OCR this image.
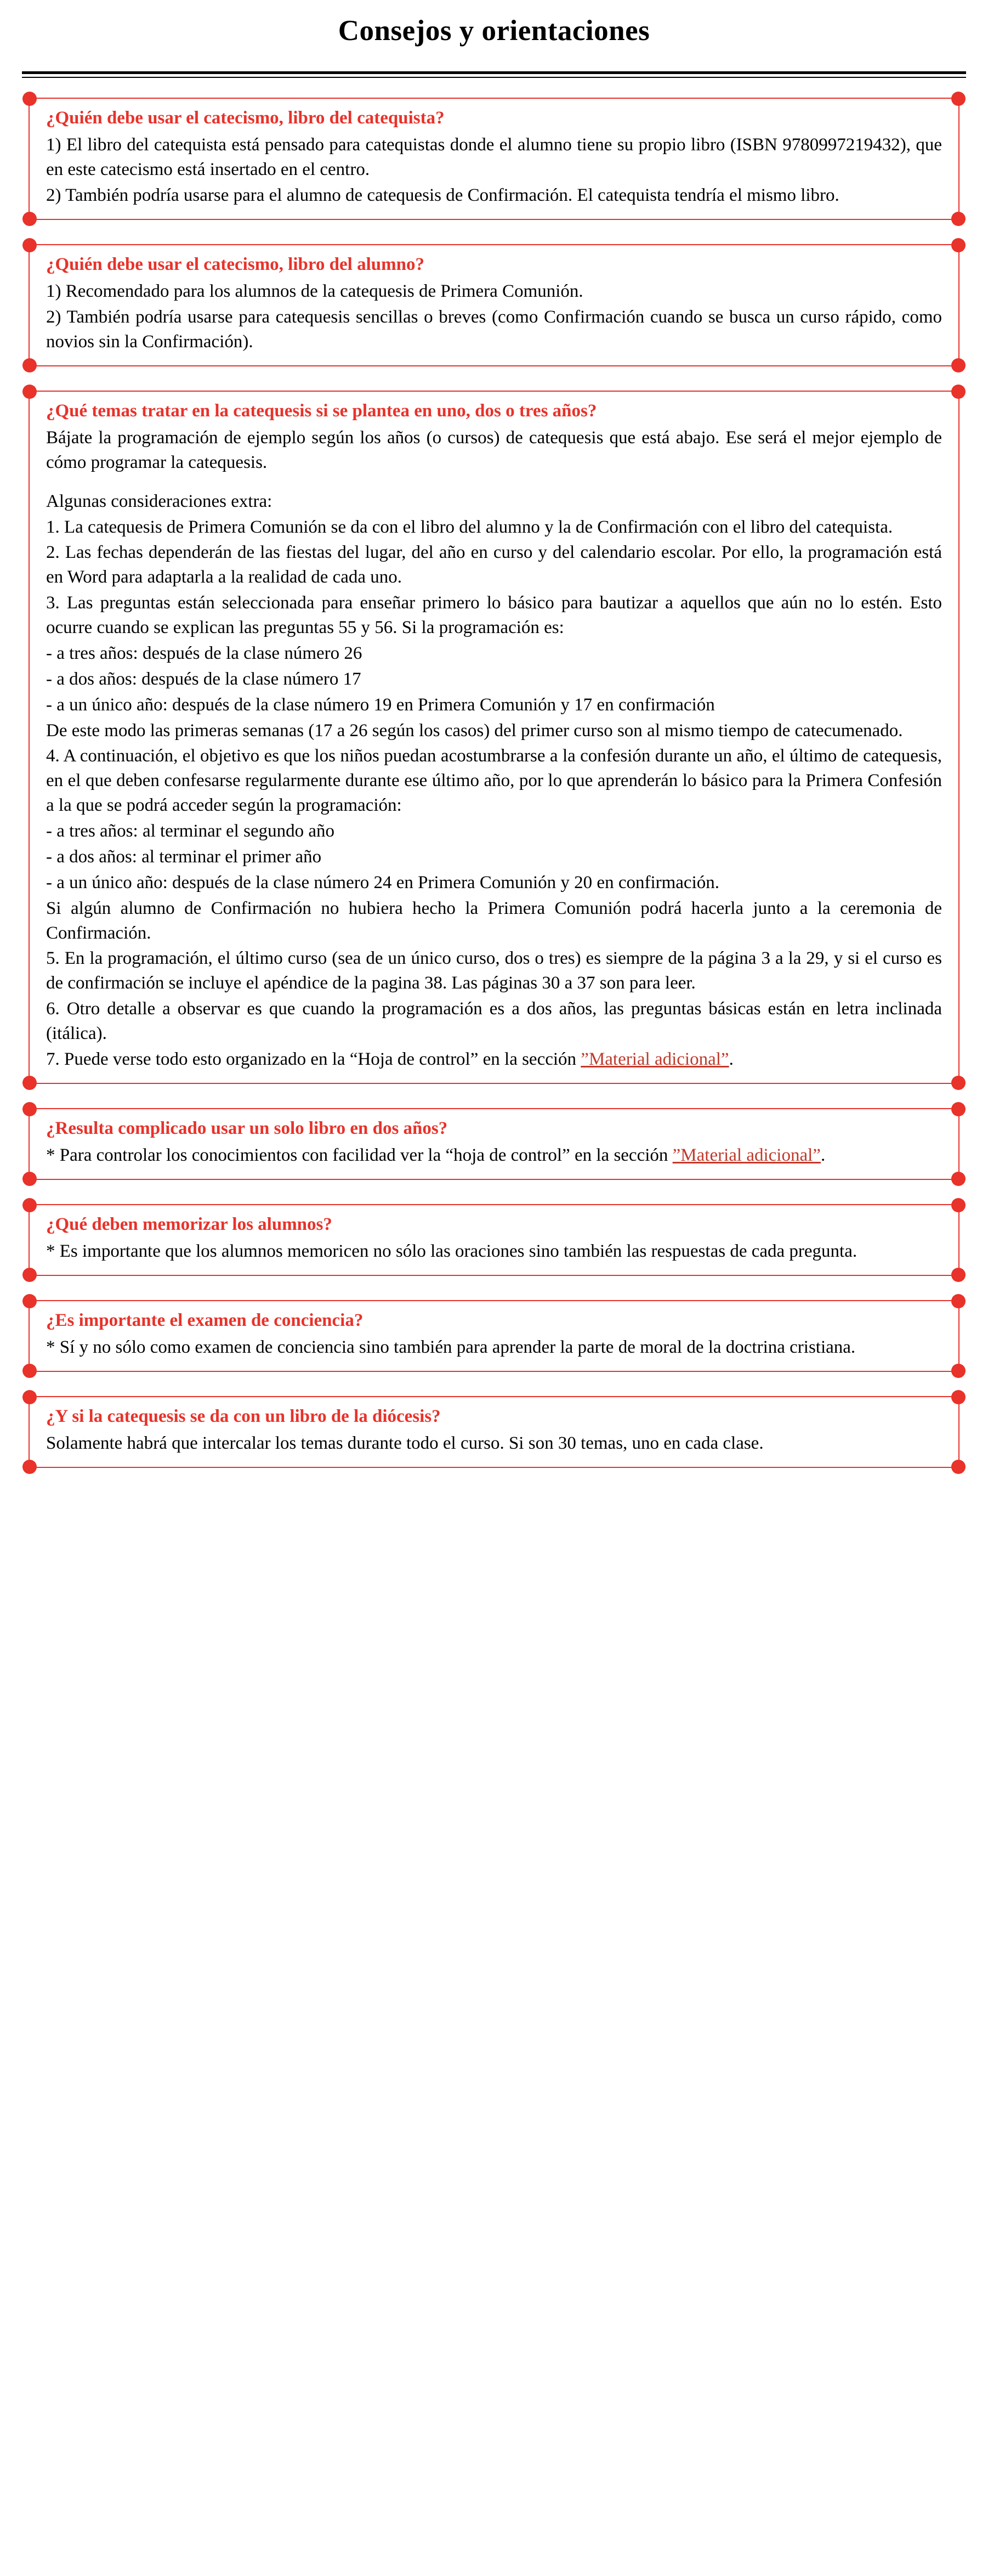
Consejos y orientaciones

¿Quién debe usar el catecismo, libro del catequista?

1) El libro del catequista está pensado para catequistas donde el alumno tiene su propio libro (ISBN 9780997219432), que en este catecismo está insertado en el centro.

2) También podría usarse para el alumno de catequesis de Confirmación. El catequista tendría el mismo libro.

¿Quién debe usar el catecismo, libro del alumno?

1) Recomendado para los alumnos de la catequesis de Primera Comunión.

2) También podría usarse para catequesis sencillas o breves (como Confirmación cuando se busca un curso rápido, como novios sin la Confirmación).

¿Qué temas tratar en la catequesis si se plantea en uno, dos o tres años?

Bájate la programación de ejemplo según los años (o cursos) de catequesis que está abajo. Ese será el mejor ejemplo de cómo programar la catequesis.

Algunas consideraciones extra:

1. La catequesis de Primera Comunión se da con el libro del alumno y la de Confirmación con el libro del catequista.

2. Las fechas dependerán de las fiestas del lugar, del año en curso y del calendario escolar. Por ello, la programación está en Word para adaptarla a la realidad de cada uno.

3. Las preguntas están seleccionada para enseñar primero lo básico para bautizar a aquellos que aún no lo estén. Esto ocurre cuando se explican las preguntas 55 y 56. Si la programación es:

- a tres años: después de la clase número 26

- a dos años: después de la clase número 17

- a un único año: después de la clase número 19 en Primera Comunión y 17 en confirmación

De este modo las primeras semanas (17 a 26 según los casos) del primer curso son al mismo tiempo de catecumenado.

4. A continuación, el objetivo es que los niños puedan acostumbrarse a la confesión durante un año, el último de catequesis, en el que deben confesarse regularmente durante ese último año, por lo que aprenderán lo básico para la Primera Confesión a la que se podrá acceder según la programación:

- a tres años: al terminar el segundo año

- a dos años: al terminar el primer año

- a un único año: después de la clase número 24 en Primera Comunión y 20 en confirmación.

Si algún alumno de Confirmación no hubiera hecho la Primera Comunión podrá hacerla junto a la ceremonia de Confirmación.

5. En la programación, el último curso (sea de un único curso, dos o tres) es siempre de la página 3 a la 29, y si el curso es de confirmación se incluye el apéndice de la pagina 38. Las páginas 30 a 37 son para leer.

6. Otro detalle a observar es que cuando la programación es a dos años, las preguntas básicas están en letra inclinada (itálica).

7. Puede verse todo esto organizado en la “Hoja de control” en la sección ”Material adicional”.

¿Resulta complicado usar un solo libro en dos años?

* Para controlar los conocimientos con facilidad ver la “hoja de control” en la sección ”Material adicional”.

¿Qué deben memorizar los alumnos?

* Es importante que los alumnos memoricen no sólo las oraciones sino también las respuestas de cada pregunta.

¿Es importante el examen de conciencia?

* Sí y no sólo como examen de conciencia sino también para aprender la parte de moral de la doctrina cristiana.

¿Y si la catequesis se da con un libro de la diócesis?

Solamente habrá que intercalar los temas durante todo el curso. Si son 30 temas, uno en cada clase.
